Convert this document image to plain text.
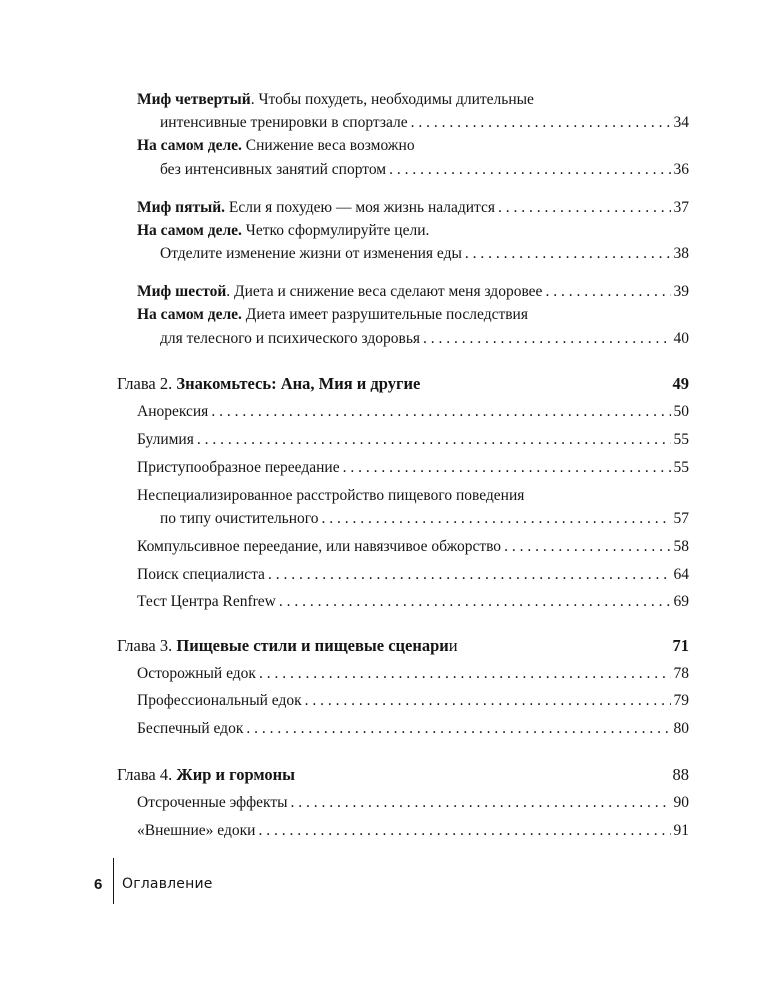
Миф четвертый. Чтобы похудеть, необходимы длительные
интенсивные тренировки в спортзале . . .	34
На самом деле. Снижение веса возможно
без интенсивных занятий спортом . . .	36
Миф пятый. Если я похудею — моя жизнь наладится . . .	37
На самом деле. Четко сформулируйте цели.
Отделите изменение жизни от изменения еды . . .	38
Миф шестой. Диета и снижение веса сделают меня здоровее . . .	39
На самом деле. Диета имеет разрушительные последствия
для телесного и психического здоровья . . .	40
Глава 2. Знакомьтесь: Ана, Мия и другие	49
Анорексия . . .	50
Булимия . . .	55
Приступообразное переедание . . .	55
Неспециализированное расстройство пищевого поведения
по типу очистительного . . .	57
Компульсивное переедание, или навязчивое обжорство . . .	58
Поиск специалиста . . .	64
Тест Центра Renfrew . . .	69
Глава 3. Пищевые стили и пищевые сценарии	71
Осторожный едок . . .	78
Профессиональный едок . . .	79
Беспечный едок . . .	80
Глава 4. Жир и гормоны	88
Отсроченные эффекты . . .	90
«Внешние» едоки . . .	91
6 Оглавление
